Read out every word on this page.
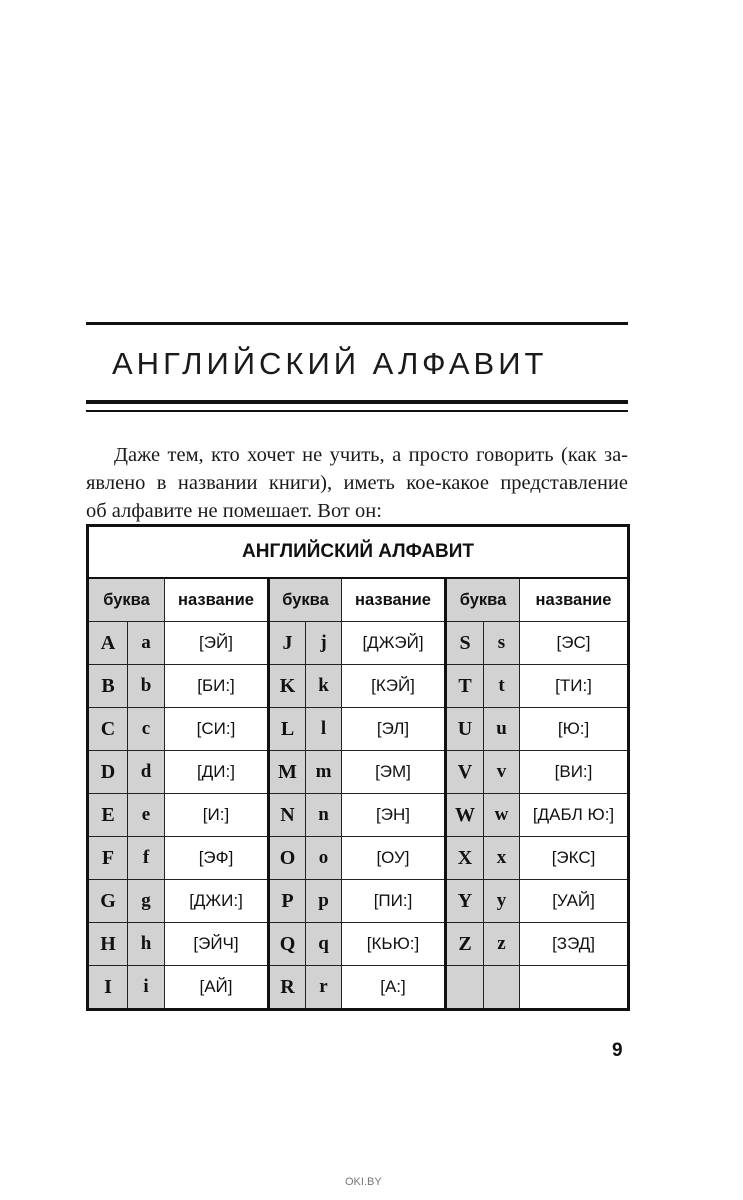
АНГЛИЙСКИЙ АЛФАВИТ
Даже тем, кто хочет не учить, а просто говорить (как за-
явлено в названии книги), иметь кое-какое представление
об алфавите не помешает. Вот он:
АНГЛИЙСКИЙ АЛФАВИТ								
буква		название	буква		название	буква		название
A	a	[ЭЙ]	J	j	[ДЖЭЙ]	S	s	[ЭС]
B	b	[БИ:]	K	k	[КЭЙ]	T	t	[ТИ:]
C	c	[СИ:]	L	l	[ЭЛ]	U	u	[Ю:]
D	d	[ДИ:]	M	m	[ЭМ]	V	v	[ВИ:]
E	e	[И:]	N	n	[ЭН]	W	w	[ДАБЛ Ю:]
F	f	[ЭФ]	O	o	[ОУ]	X	x	[ЭКС]
G	g	[ДЖИ:]	P	p	[ПИ:]	Y	y	[УАЙ]
H	h	[ЭЙЧ]	Q	q	[КЬЮ:]	Z	z	[ЗЭД]
I	i	[АЙ]	R	r	[А:]			
9
OKI.BY
